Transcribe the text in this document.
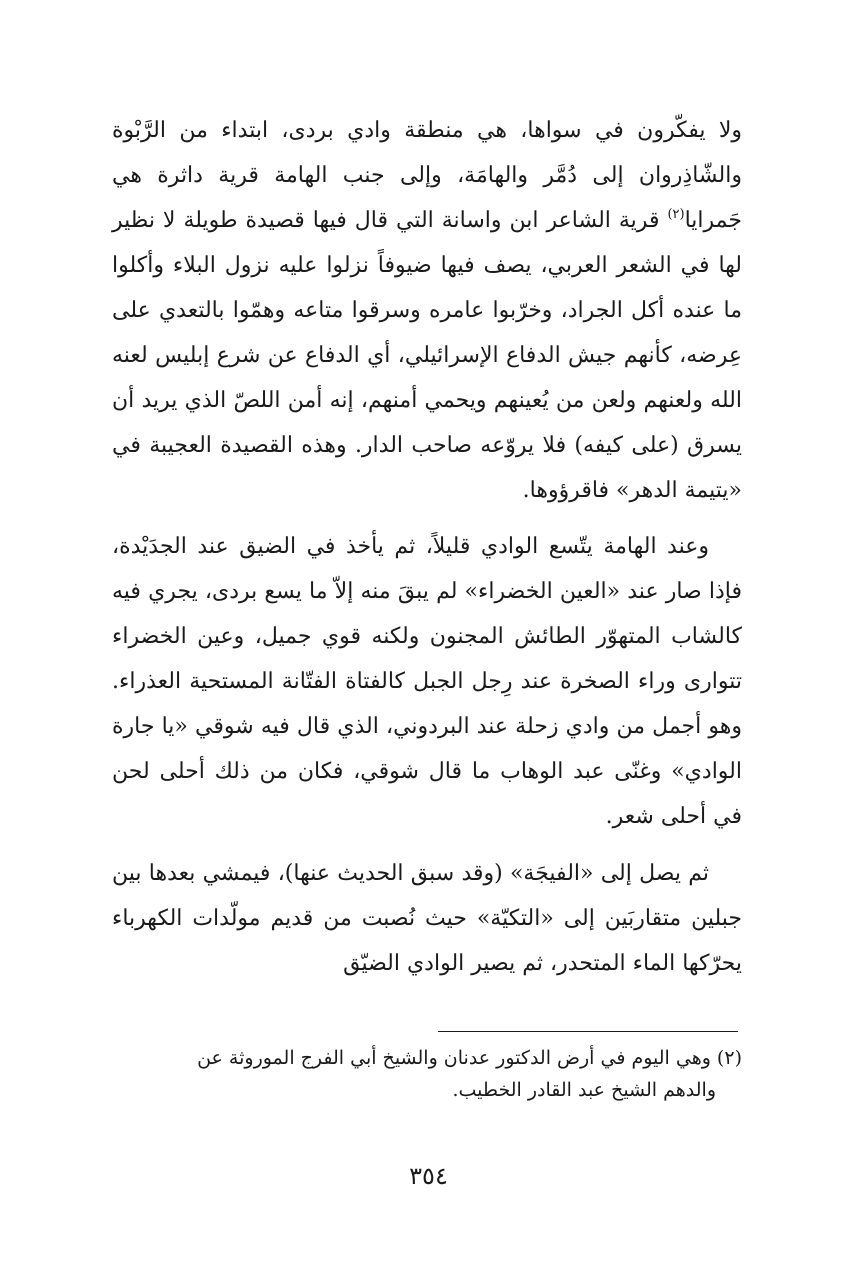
ولا يفكّرون في سواها، هي منطقة وادي بردى، ابتداء من الرَّبْوة والشّاذِروان إلى دُمَّر والهامَة، وإلى جنب الهامة قرية داثرة هي جَمرايا$^{(٢)}$ قرية الشاعر ابن واسانة التي قال فيها قصيدة طويلة لا نظير لها في الشعر العربي، يصف فيها ضيوفاً نزلوا عليه نزول البلاء وأكلوا ما عنده أكل الجراد، وخرّبوا عامره وسرقوا متاعه وهمّوا بالتعدي على عِرضه، كأنهم جيش الدفاع الإسرائيلي، أي الدفاع عن شرع إبليس لعنه الله ولعنهم ولعن من يُعينهم ويحمي أمنهم، إنه أمن اللصّ الذي يريد أن يسرق (على كيفه) فلا يروّعه صاحب الدار. وهذه القصيدة العجيبة في «يتيمة الدهر» فاقرؤوها.

وعند الهامة يتّسع الوادي قليلاً، ثم يأخذ في الضيق عند الجدَيْدة، فإذا صار عند «العين الخضراء» لم يبقَ منه إلاّ ما يسع بردى، يجري فيه كالشاب المتهوّر الطائش المجنون ولكنه قوي جميل، وعين الخضراء تتوارى وراء الصخرة عند رِجل الجبل كالفتاة الفتّانة المستحية العذراء. وهو أجمل من وادي زحلة عند البردوني، الذي قال فيه شوقي «يا جارة الوادي» وغنّى عبد الوهاب ما قال شوقي، فكان من ذلك أحلى لحن في أحلى شعر.

ثم يصل إلى «الفيجَة» (وقد سبق الحديث عنها)، فيمشي بعدها بين جبلين متقاربَين إلى «التكيّة» حيث نُصبت من قديم مولّدات الكهرباء يحرّكها الماء المتحدر، ثم يصير الوادي الضيّق

(٢) وهي اليوم في أرض الدكتور عدنان والشيخ أبي الفرج الموروثة عن

والدهم الشيخ عبد القادر الخطيب.

٣٥٤
